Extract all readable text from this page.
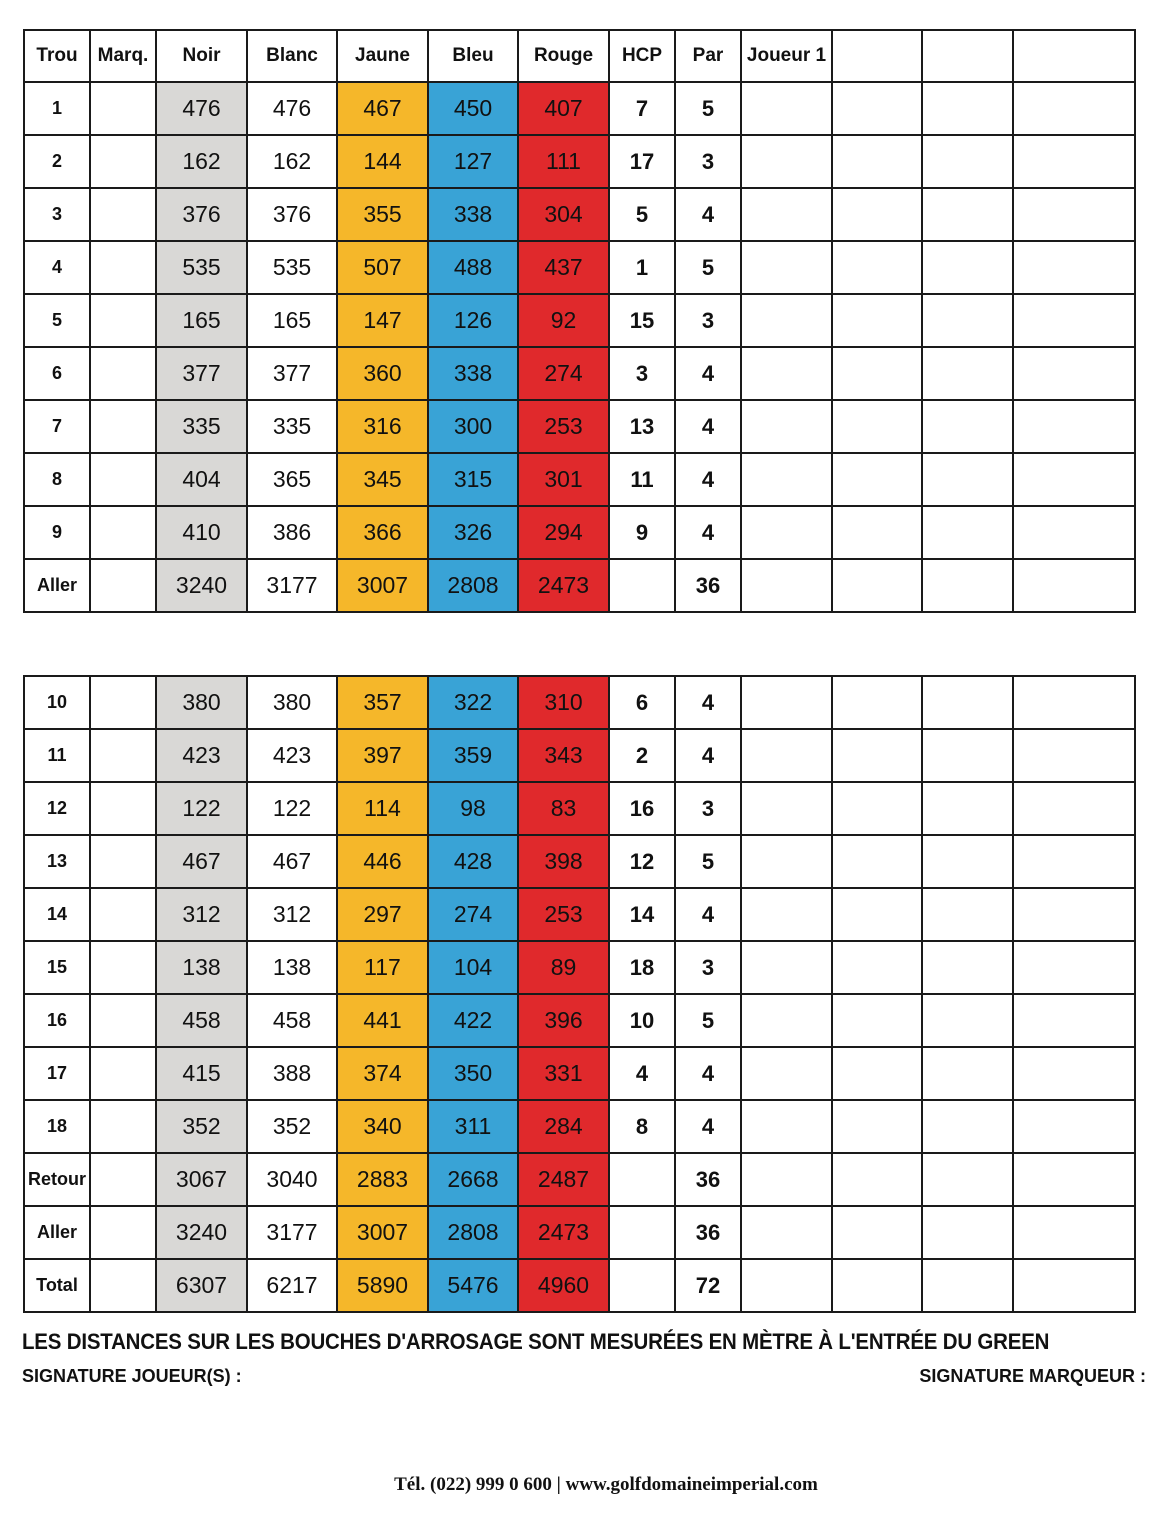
Trou	Marq.	Noir	Blanc	Jaune	Bleu	Rouge	HCP	Par	Joueur 1			
1		476	476	467	450	407	7	5				
2		162	162	144	127	111	17	3				
3		376	376	355	338	304	5	4				
4		535	535	507	488	437	1	5				
5		165	165	147	126	92	15	3				
6		377	377	360	338	274	3	4				
7		335	335	316	300	253	13	4				
8		404	365	345	315	301	11	4				
9		410	386	366	326	294	9	4				
Aller		3240	3177	3007	2808	2473		36				
10		380	380	357	322	310	6	4				
11		423	423	397	359	343	2	4				
12		122	122	114	98	83	16	3				
13		467	467	446	428	398	12	5				
14		312	312	297	274	253	14	4				
15		138	138	117	104	89	18	3				
16		458	458	441	422	396	10	5				
17		415	388	374	350	331	4	4				
18		352	352	340	311	284	8	4				
Retour		3067	3040	2883	2668	2487		36				
Aller		3240	3177	3007	2808	2473		36				
Total		6307	6217	5890	5476	4960		72				
LES DISTANCES SUR LES BOUCHES D'ARROSAGE SONT MESURÉES EN MÈTRE À L'ENTRÉE DU GREEN
SIGNATURE JOUEUR(S) :	SIGNATURE MARQUEUR :
Tél. (022) 999 0 600 | www.golfdomaineimperial.com
